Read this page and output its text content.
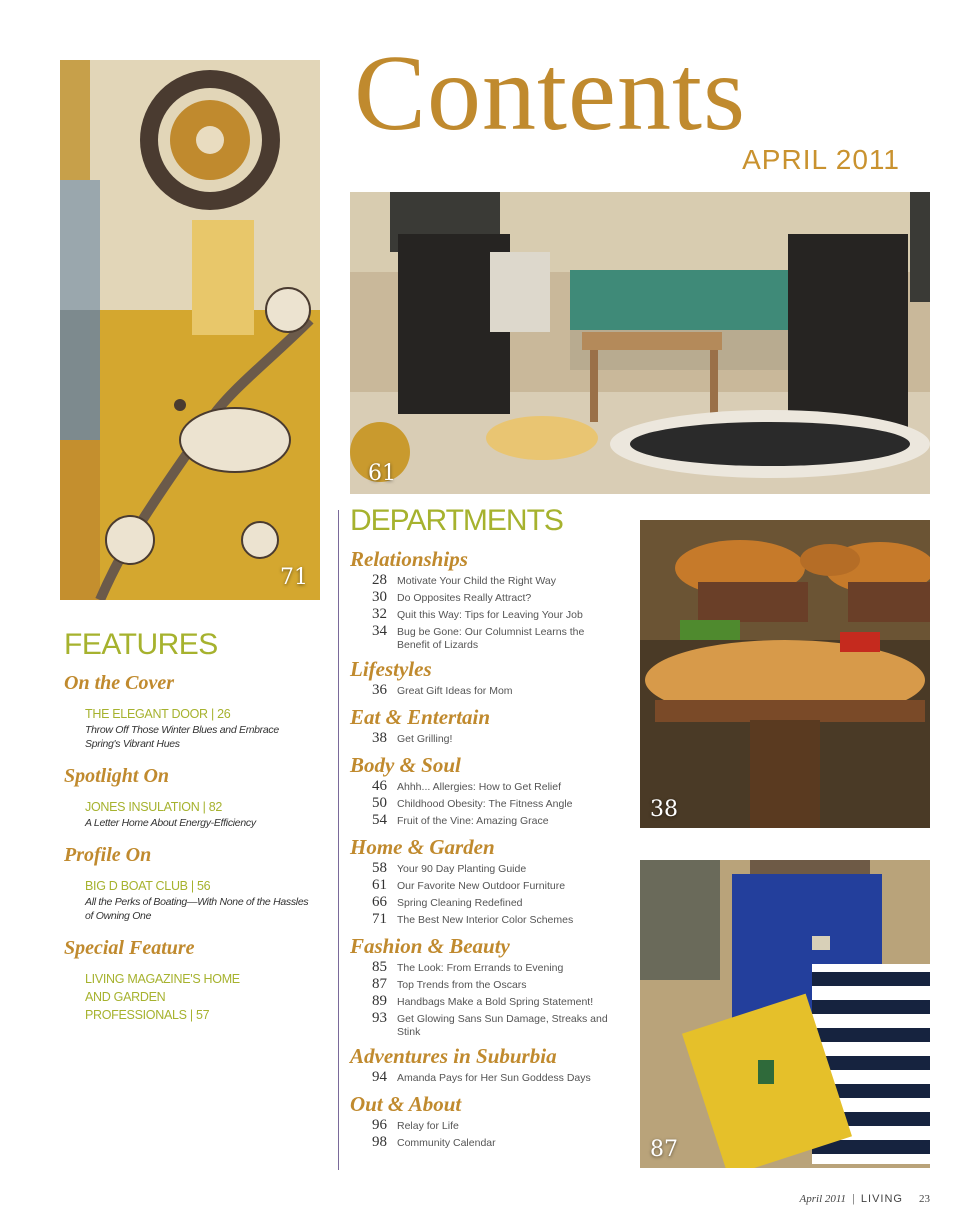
71
Contents
APRIL 2011
61
38
87
FEATURES
On the Cover
THE ELEGANT DOOR | 26
Throw Off Those Winter Blues and Embrace Spring's Vibrant Hues
Spotlight On
JONES INSULATION | 82
A Letter Home About Energy-Efficiency
Profile On
BIG D BOAT CLUB | 56
All the Perks of Boating—With None of the Hassles of Owning One
Special Feature
LIVING MAGAZINE'S HOME AND GARDEN PROFESSIONALS | 57
DEPARTMENTS
Relationships
28 Motivate Your Child the Right Way
30 Do Opposites Really Attract?
32 Quit this Way: Tips for Leaving Your Job
34 Bug be Gone: Our Columnist Learns the Benefit of Lizards
Lifestyles
36 Great Gift Ideas for Mom
Eat & Entertain
38 Get Grilling!
Body & Soul
46 Ahhh... Allergies: How to Get Relief
50 Childhood Obesity: The Fitness Angle
54 Fruit of the Vine: Amazing Grace
Home & Garden
58 Your 90 Day Planting Guide
61 Our Favorite New Outdoor Furniture
66 Spring Cleaning Redefined
71 The Best New Interior Color Schemes
Fashion & Beauty
85 The Look: From Errands to Evening
87 Top Trends from the Oscars
89 Handbags Make a Bold Spring Statement!
93 Get Glowing Sans Sun Damage, Streaks and Stink
Adventures in Suburbia
94 Amanda Pays for Her Sun Goddess Days
Out & About
96 Relay for Life
98 Community Calendar
April 2011 | LIVING 23
